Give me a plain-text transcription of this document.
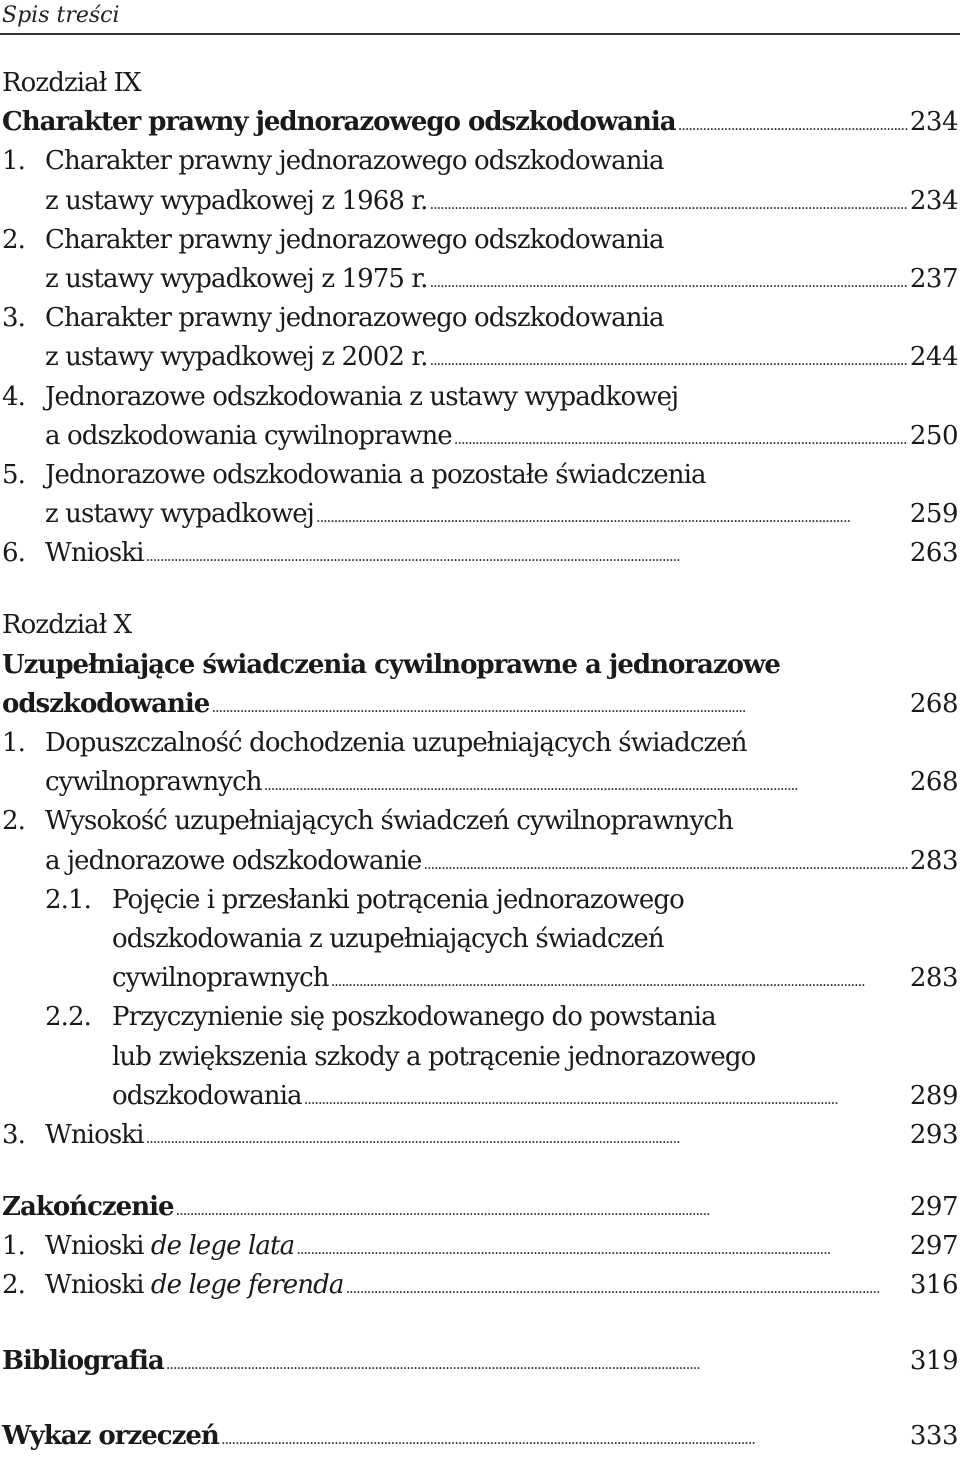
Spis treści
Rozdział IX
Charakter prawny jednorazowego odszkodowania . . .	234
1. Charakter prawny jednorazowego odszkodowania
z ustawy wypadkowej z 1968 r. . . .	234
2. Charakter prawny jednorazowego odszkodowania
z ustawy wypadkowej z 1975 r. . . .	237
3. Charakter prawny jednorazowego odszkodowania
z ustawy wypadkowej z 2002 r. . . .	244
4. Jednorazowe odszkodowania z ustawy wypadkowej
a odszkodowania cywilnoprawne . . .	250
5. Jednorazowe odszkodowania a pozostałe świadczenia
z ustawy wypadkowej . . .	259
6. Wnioski . . .	263
Rozdział X
Uzupełniające świadczenia cywilnoprawne a jednorazowe
odszkodowanie . . .	268
1. Dopuszczalność dochodzenia uzupełniających świadczeń
cywilnoprawnych . . .	268
2. Wysokość uzupełniających świadczeń cywilnoprawnych
a jednorazowe odszkodowanie . . .	283
2.1. Pojęcie i przesłanki potrącenia jednorazowego
odszkodowania z uzupełniających świadczeń
cywilnoprawnych . . .	283
2.2. Przyczynienie się poszkodowanego do powstania
lub zwiększenia szkody a potrącenie jednorazowego
odszkodowania . . .	289
3. Wnioski . . .	293
Zakończenie . . .	297
1. Wnioski de lege lata . . .	297
2. Wnioski de lege ferenda . . .	316
Bibliografia . . .	319
Wykaz orzeczeń . . .	333
